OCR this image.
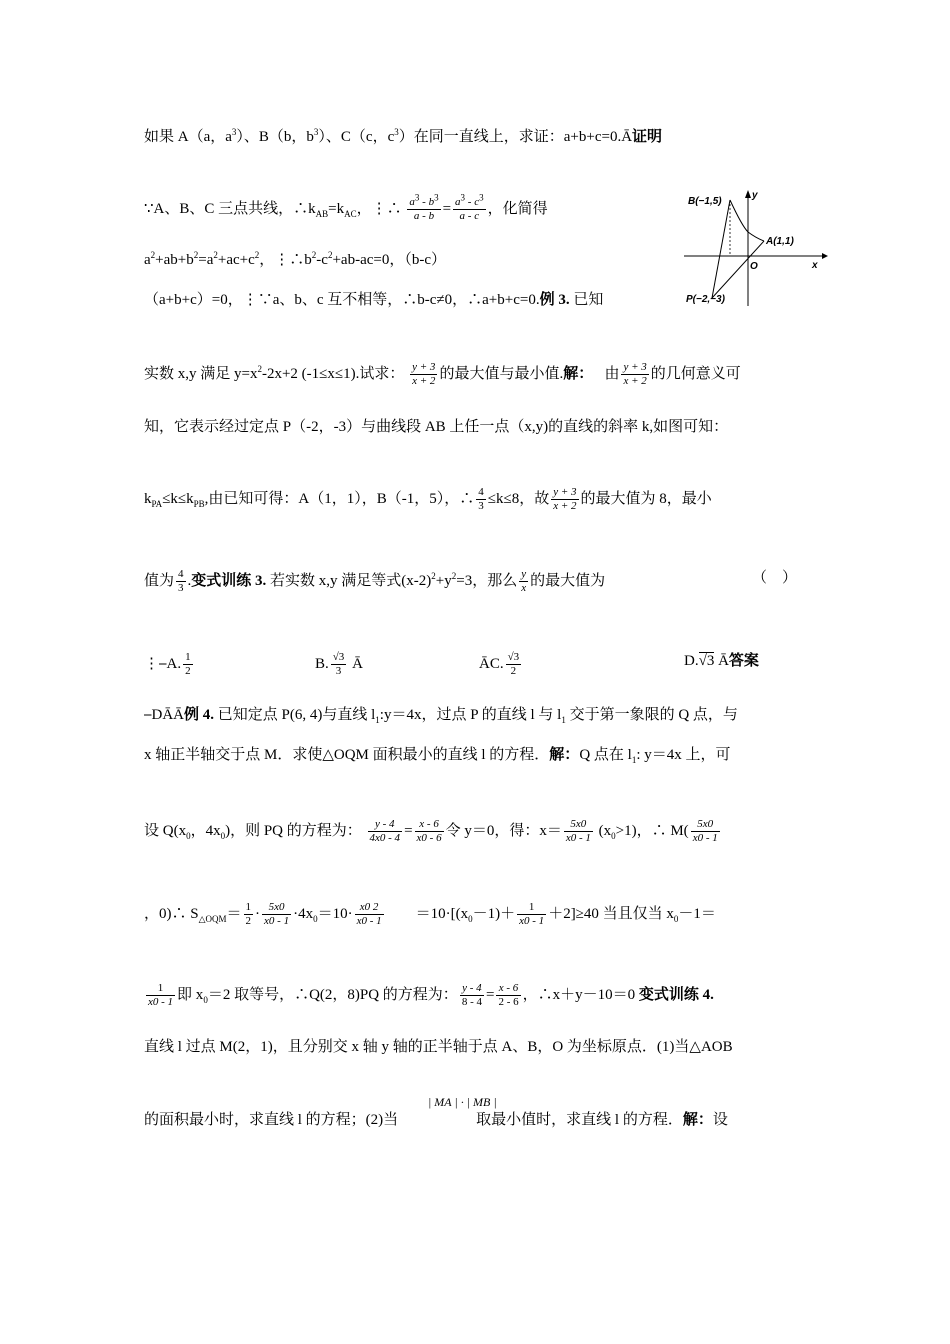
如果 A（a，$a^3$）、B（b，$b^3$）、C（c，$c^3$）在同一直线上，求证：a+b+c=0.Ā证明
∵A、B、C 三点共线，$\therefore k_{AB}=k_{AC}$，⋮∴ $\frac{a^3 - b^3}{a - b} = \frac{a^3 - c^3}{a - c}$ ，化简得
$a^2+ab+b^2=a^2+ac+c^2$，$⋮\therefore b^2-c^2+ab-ac=0$，（b-c）
（a+b+c）=0，⋮∵a、b、c 互不相等，∴b-c≠0，∴a+b+c=0.例 3. 已知
B(−1,5)
A(1,1)
P(−2,−3)
O	x
y
实数 x,y 满足 $y=x^2-2x+2$ (-1≤x≤1).试求： $\frac{y + 3}{x + 2}$ 的最大值与最小值.解： 由 $\frac{y + 3}{x + 2}$ 的几何意义可
知，它表示经过定点 P（-2，-3）与曲线段 AB 上任一点（x,y)的直线的斜率 k,如图可知：
$k_{PA}\le k\le k_{PB}$,由已知可得：A（1，1），B（-1，5），∴ $\frac{4}{3} \le k\le 8$，故 $\frac{y + 3}{x + 2}$ 的最大值为 8，最小
值为 $\frac{4}{3}$ .变式训练 3. 若实数 x,y 满足等式$(x-2)^2+y^2=3$，那么 $\frac{y}{x}$ 的最大值为	（　）
⋮⎯A. $\frac{1}{2}$	B. $\frac{√3}{3}$ Ā	ĀC. $\frac{√3}{2}$	D.√3 Ā答案
⎯DĀĀ例 4. 已知定点 P(6, 4)与直线 $l_1:y=4x$，过点 P 的直线 l 与 $l_1$ 交于第一象限的 Q 点，与
x 轴正半轴交于点 M．求使△OQM 面积最小的直线 l 的方程．解：Q 点在 $l_1$: y＝4x 上，可
设 $Q(x_0$，$4x_0$)，则 PQ 的方程为： $\frac{y - 4}{4x0 - 4} = \frac{x - 6}{x0 - 6}$ 令 y＝0，得：$x= \frac{5x0}{x0 - 1} (x_0>1)$，∴ $M( \frac{5x0}{x0 - 1}$
，0)∴ $S_{\triangle OQM}= \frac{1}{2} \cdot \frac{5x0}{x0 - 1} \cdot 4x_0=10\cdot \frac{x0 2}{x0 - 1} =10\cdot[(x_0-1)+ \frac{1}{x0 - 1} +2]\ge 40$ 当且仅当 $x_0-1=$
$\frac{1}{x0 - 1}$ 即 $x_0=2$ 取等号，∴Q(2，8)PQ 的方程为： $\frac{y - 4}{8 - 4} = \frac{x - 6}{2 - 6}$ ，∴x＋y－10＝0 变式训练 4.
直线 l 过点 M(2，1)，且分别交 x 轴 y 轴的正半轴于点 A、B，O 为坐标原点．(1)当△AOB
| MA | · | MB |
的面积最小时，求直线 l 的方程；(2)当	取最小值时，求直线 l 的方程．解：设
